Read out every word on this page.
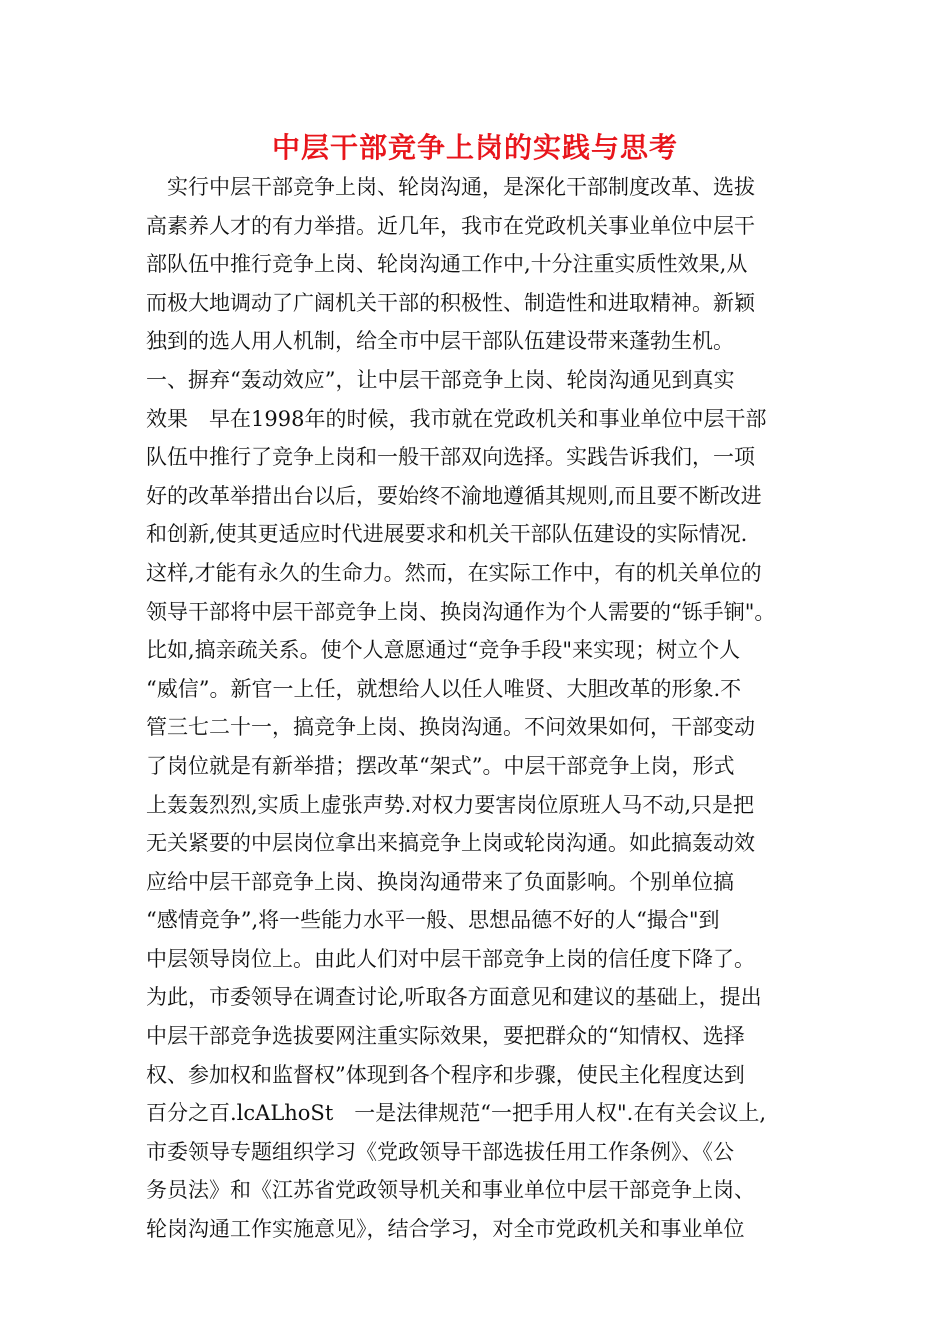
中层干部竞争上岗的实践与思考
　实行中层干部竞争上岗、轮岗沟通，是深化干部制度改革、选拔
高素养人才的有力举措。近几年，我市在党政机关事业单位中层干
部队伍中推行竞争上岗、轮岗沟通工作中,十分注重实质性效果,从
而极大地调动了广阔机关干部的积极性、制造性和进取精神。新颖
独到的选人用人机制，给全市中层干部队伍建设带来蓬勃生机。
一、摒弃“轰动效应”，让中层干部竞争上岗、轮岗沟通见到真实
效果　早在1998年的时候，我市就在党政机关和事业单位中层干部
队伍中推行了竞争上岗和一般干部双向选择。实践告诉我们，一项
好的改革举措出台以后，要始终不渝地遵循其规则,而且要不断改进
和创新,使其更适应时代进展要求和机关干部队伍建设的实际情况.
这样,才能有永久的生命力。然而，在实际工作中，有的机关单位的
领导干部将中层干部竞争上岗、换岗沟通作为个人需要的“铄手锏"。
比如,搞亲疏关系。使个人意愿通过“竞争手段"来实现；树立个人
“威信”。新官一上任，就想给人以任人唯贤、大胆改革的形象.不
管三七二十一，搞竞争上岗、换岗沟通。不问效果如何，干部变动
了岗位就是有新举措；摆改革“架式”。中层干部竞争上岗，形式
上轰轰烈烈,实质上虚张声势.对权力要害岗位原班人马不动,只是把
无关紧要的中层岗位拿出来搞竞争上岗或轮岗沟通。如此搞轰动效
应给中层干部竞争上岗、换岗沟通带来了负面影响。个别单位搞
“感情竞争”,将一些能力水平一般、思想品德不好的人“撮合"到
中层领导岗位上。由此人们对中层干部竞争上岗的信任度下降了。
为此，市委领导在调查讨论,听取各方面意见和建议的基础上，提出
中层干部竞争选拔要网注重实际效果，要把群众的“知情权、选择
权、参加权和监督权”体现到各个程序和步骤，使民主化程度达到
百分之百.lcALhoSt　一是法律规范“一把手用人权".在有关会议上,
市委领导专题组织学习《党政领导干部选拔任用工作条例》、《公
务员法》和《江苏省党政领导机关和事业单位中层干部竞争上岗、
轮岗沟通工作实施意见》，结合学习，对全市党政机关和事业单位
